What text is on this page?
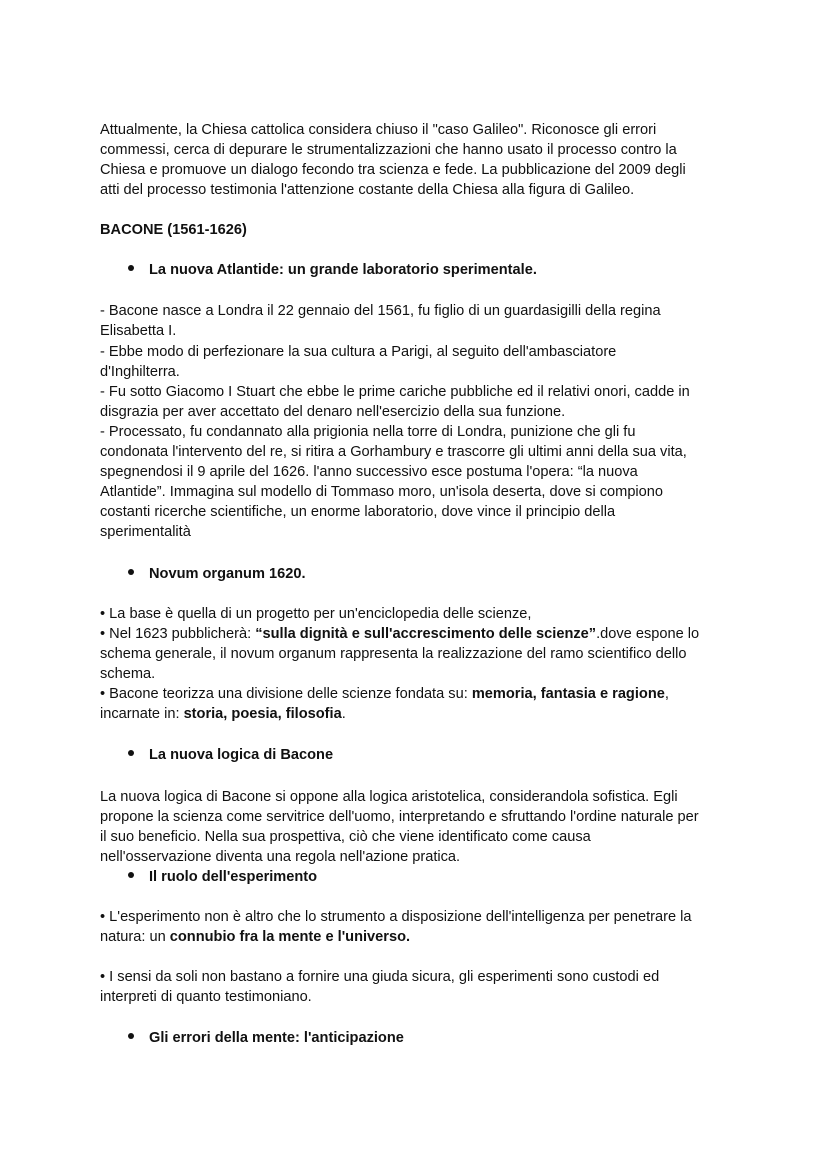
Attualmente, la Chiesa cattolica considera chiuso il "caso Galileo". Riconosce gli errori
commessi, cerca di depurare le strumentalizzazioni che hanno usato il processo contro la
Chiesa e promuove un dialogo fecondo tra scienza e fede. La pubblicazione del 2009 degli
atti del processo testimonia l'attenzione costante della Chiesa alla figura di Galileo.
BACONE (1561-1626)
La nuova Atlantide: un grande laboratorio sperimentale.
- Bacone nasce a Londra il 22 gennaio del 1561, fu figlio di un guardasigilli della regina
Elisabetta I.
- Ebbe modo di perfezionare la sua cultura a Parigi, al seguito dell'ambasciatore
d'Inghilterra.
- Fu sotto Giacomo I Stuart che ebbe le prime cariche pubbliche ed il relativi onori, cadde in
disgrazia per aver accettato del denaro nell'esercizio della sua funzione.
- Processato, fu condannato alla prigionia nella torre di Londra, punizione che gli fu
condonata l'intervento del re, si ritira a Gorhambury e trascorre gli ultimi anni della sua vita,
spegnendosi il 9 aprile del 1626. l'anno successivo esce postuma l'opera: “la nuova
Atlantide”. Immagina sul modello di Tommaso moro, un'isola deserta, dove si compiono
costanti ricerche scientifiche, un enorme laboratorio, dove vince il principio della
sperimentalità
Novum organum 1620.
• La base è quella di un progetto per un'enciclopedia delle scienze,
• Nel 1623 pubblicherà: “sulla dignità e sull'accrescimento delle scienze”.dove espone lo
schema generale, il novum organum rappresenta la realizzazione del ramo scientifico dello
schema.
• Bacone teorizza una divisione delle scienze fondata su: memoria, fantasia e ragione,
incarnate in: storia, poesia, filosofia.
La nuova logica di Bacone
La nuova logica di Bacone si oppone alla logica aristotelica, considerandola sofistica. Egli
propone la scienza come servitrice dell'uomo, interpretando e sfruttando l'ordine naturale per
il suo beneficio. Nella sua prospettiva, ciò che viene identificato come causa
nell'osservazione diventa una regola nell'azione pratica.
Il ruolo dell'esperimento
• L'esperimento non è altro che lo strumento a disposizione dell'intelligenza per penetrare la
natura: un connubio fra la mente e l'universo.
• I sensi da soli non bastano a fornire una giuda sicura, gli esperimenti sono custodi ed
interpreti di quanto testimoniano.
Gli errori della mente: l'anticipazione
